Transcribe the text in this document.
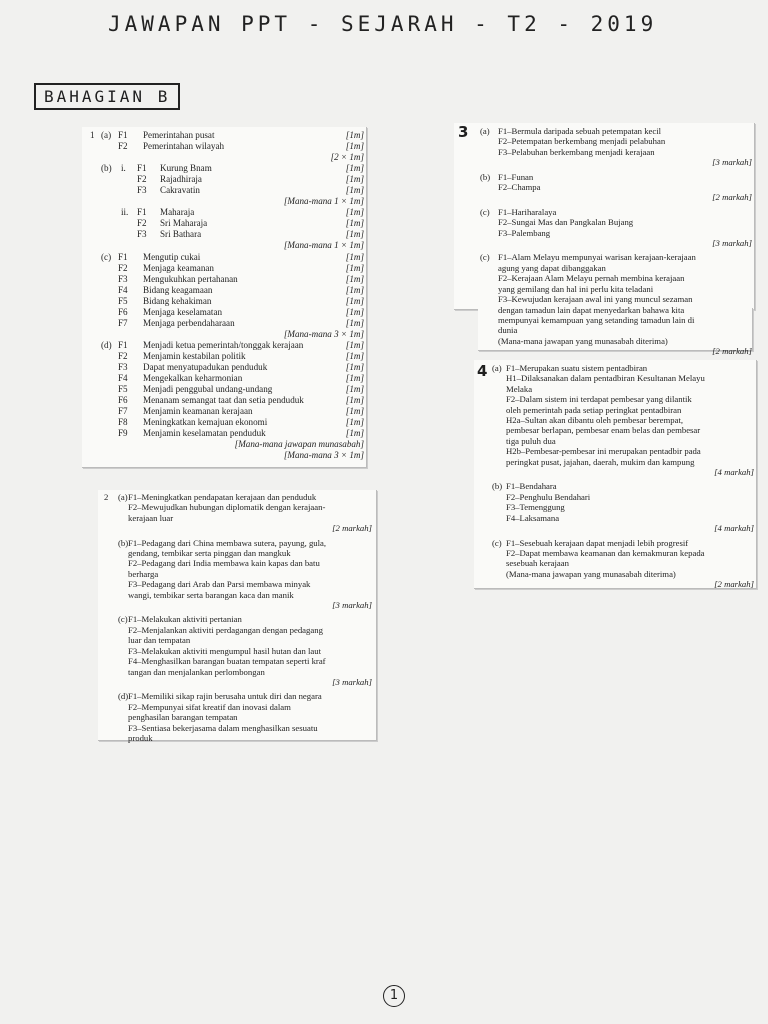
JAWAPAN PPT - SEJARAH - T2 - 2019
BAHAGIAN B
1 (a) F1 Pemerintahan pusat	[1m]
F2 Pemerintahan wilayah	[1m]
[2 × 1m]
(b) i. F1 Kurung Bnam	[1m]
F2 Rajadhiraja	[1m]
F3 Cakravatin	[1m]
[Mana-mana 1 × 1m]
ii. F1 Maharaja	[1m]
F2 Sri Maharaja	[1m]
F3 Sri Bathara	[1m]
[Mana-mana 1 × 1m]
(c) F1 Mengutip cukai	[1m]
F2 Menjaga keamanan	[1m]
F3 Mengukuhkan pertahanan	[1m]
F4 Bidang keagamaan	[1m]
F5 Bidang kehakiman	[1m]
F6 Menjaga keselamatan	[1m]
F7 Menjaga perbendaharaan	[1m]
[Mana-mana 3 × 1m]
(d) F1 Menjadi ketua pemerintah/tonggak kerajaan	[1m]
F2 Menjamin kestabilan politik	[1m]
F3 Dapat menyatupadukan penduduk	[1m]
F4 Mengekalkan keharmonian	[1m]
F5 Menjadi penggubal undang-undang	[1m]
F6 Menanam semangat taat dan setia penduduk	[1m]
F7 Menjamin keamanan kerajaan	[1m]
F8 Meningkatkan kemajuan ekonomi	[1m]
F9 Menjamin keselamatan penduduk	[1m]
[Mana-mana jawapan munasabah]
[Mana-mana 3 × 1m]
2 (a) F1–Meningkatkan pendapatan kerajaan dan penduduk
F2–Mewujudkan hubungan diplomatik dengan kerajaan-
kerajaan luar
[2 markah]
(b) F1–Pedagang dari China membawa sutera, payung, gula,
gendang, tembikar serta pinggan dan mangkuk
F2–Pedagang dari India membawa kain kapas dan batu
berharga
F3–Pedagang dari Arab dan Parsi membawa minyak
wangi, tembikar serta barangan kaca dan manik
[3 markah]
(c) F1–Melakukan aktiviti pertanian
F2–Menjalankan aktiviti perdagangan dengan pedagang
luar dan tempatan
F3–Melakukan aktiviti mengumpul hasil hutan dan laut
F4–Menghasilkan barangan buatan tempatan seperti kraf
tangan dan menjalankan perlombongan
[3 markah]
(d) F1–Memiliki sikap rajin berusaha untuk diri dan negara
F2–Mempunyai sifat kreatif dan inovasi dalam
penghasilan barangan tempatan
F3–Sentiasa bekerjasama dalam menghasilkan sesuatu
produk
3 (a) F1–Bermula daripada sebuah petempatan kecil
F2–Petempatan berkembang menjadi pelabuhan
F3–Pelabuhan berkembang menjadi kerajaan
[3 markah]
(b) F1–Funan
F2–Champa
[2 markah]
(c) F1–Hariharalaya
F2–Sungai Mas dan Pangkalan Bujang
F3–Palembang
[3 markah]
(c) F1–Alam Melayu mempunyai warisan kerajaan-kerajaan
agung yang dapat dibanggakan
F2–Kerajaan Alam Melayu pernah membina kerajaan
yang gemilang dan hal ini perlu kita teladani
F3–Kewujudan kerajaan awal ini yang muncul sezaman
dengan tamadun lain dapat menyedarkan bahawa kita
mempunyai kemampuan yang setanding tamadun lain di
dunia
(Mana-mana jawapan yang munasabah diterima)
[2 markah]
4 (a) F1–Merupakan suatu sistem pentadbiran
H1–Dilaksanakan dalam pentadbiran Kesultanan Melayu
Melaka
F2–Dalam sistem ini terdapat pembesar yang dilantik
oleh pemerintah pada setiap peringkat pentadbiran
H2a–Sultan akan dibantu oleh pembesar berempat,
pembesar berlapan, pembesar enam belas dan pembesar
tiga puluh dua
H2b–Pembesar-pembesar ini merupakan pentadbir pada
peringkat pusat, jajahan, daerah, mukim dan kampung
[4 markah]
(b) F1–Bendahara
F2–Penghulu Bendahari
F3–Temenggung
F4–Laksamana
[4 markah]
(c) F1–Sesebuah kerajaan dapat menjadi lebih progresif
F2–Dapat membawa keamanan dan kemakmuran kepada
sesebuah kerajaan
(Mana-mana jawapan yang munasabah diterima)
[2 markah]
1
